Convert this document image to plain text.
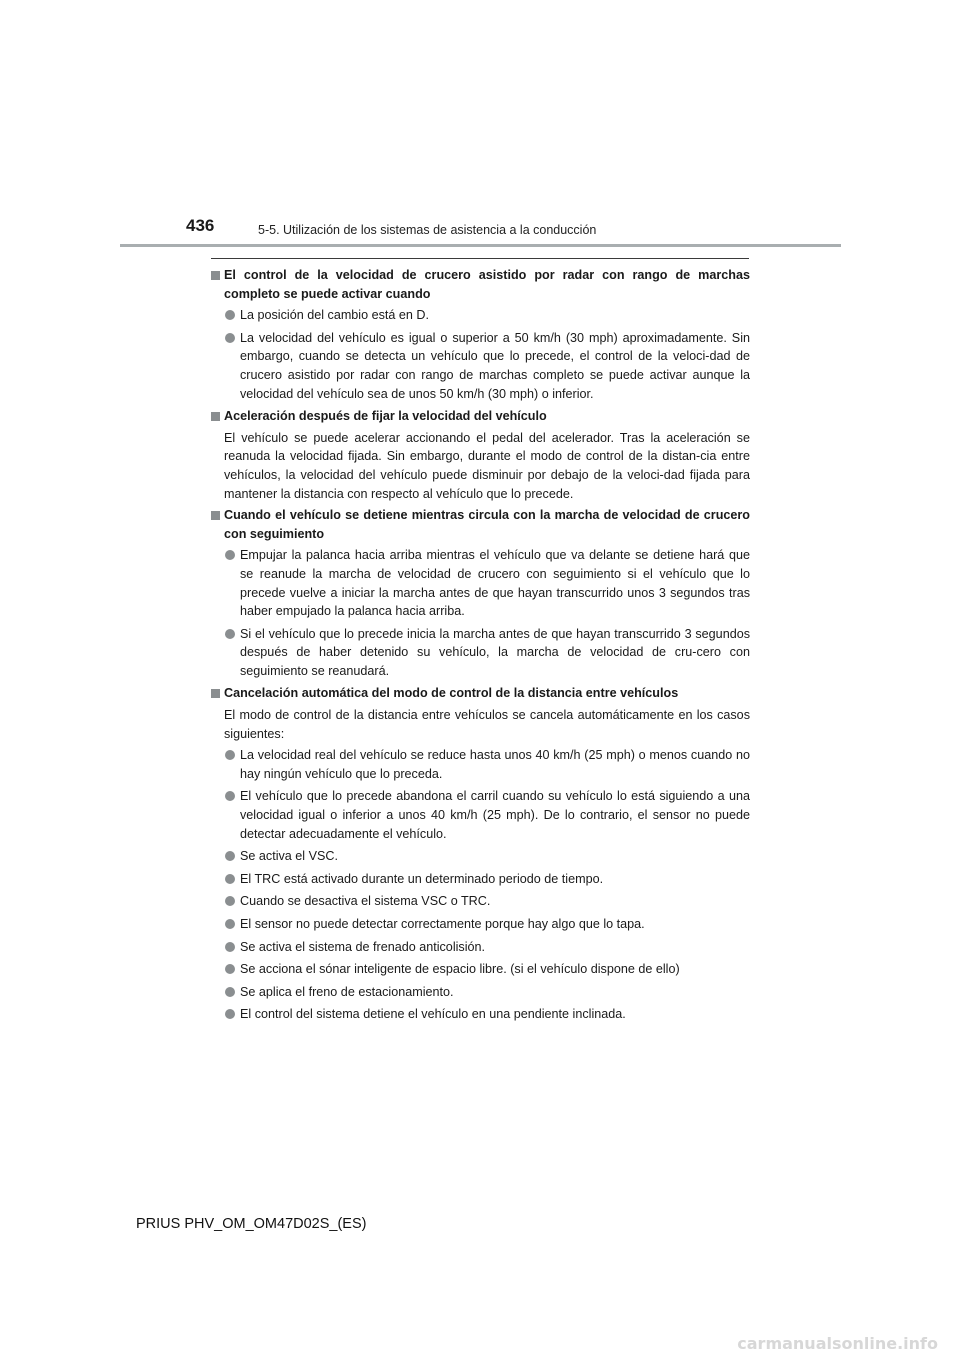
436	5-5. Utilización de los sistemas de asistencia a la conducción
El control de la velocidad de crucero asistido por radar con rango de marchas completo se puede activar cuando
La posición del cambio está en D.
La velocidad del vehículo es igual o superior a 50 km/h (30 mph) aproximadamente. Sin embargo, cuando se detecta un vehículo que lo precede, el control de la veloci-dad de crucero asistido por radar con rango de marchas completo se puede activar aunque la velocidad del vehículo sea de unos 50 km/h (30 mph) o inferior.
Aceleración después de fijar la velocidad del vehículo
El vehículo se puede acelerar accionando el pedal del acelerador. Tras la aceleración se reanuda la velocidad fijada. Sin embargo, durante el modo de control de la distan-cia entre vehículos, la velocidad del vehículo puede disminuir por debajo de la veloci-dad fijada para mantener la distancia con respecto al vehículo que lo precede.
Cuando el vehículo se detiene mientras circula con la marcha de velocidad de crucero con seguimiento
Empujar la palanca hacia arriba mientras el vehículo que va delante se detiene hará que se reanude la marcha de velocidad de crucero con seguimiento si el vehículo que lo precede vuelve a iniciar la marcha antes de que hayan transcurrido unos 3 segundos tras haber empujado la palanca hacia arriba.
Si el vehículo que lo precede inicia la marcha antes de que hayan transcurrido 3 segundos después de haber detenido su vehículo, la marcha de velocidad de cru-cero con seguimiento se reanudará.
Cancelación automática del modo de control de la distancia entre vehículos
El modo de control de la distancia entre vehículos se cancela automáticamente en los casos siguientes:
La velocidad real del vehículo se reduce hasta unos 40 km/h (25 mph) o menos cuando no hay ningún vehículo que lo preceda.
El vehículo que lo precede abandona el carril cuando su vehículo lo está siguiendo a una velocidad igual o inferior a unos 40 km/h (25 mph). De lo contrario, el sensor no puede detectar adecuadamente el vehículo.
Se activa el VSC.
El TRC está activado durante un determinado periodo de tiempo.
Cuando se desactiva el sistema VSC o TRC.
El sensor no puede detectar correctamente porque hay algo que lo tapa.
Se activa el sistema de frenado anticolisión.
Se acciona el sónar inteligente de espacio libre. (si el vehículo dispone de ello)
Se aplica el freno de estacionamiento.
El control del sistema detiene el vehículo en una pendiente inclinada.
PRIUS PHV_OM_OM47D02S_(ES)
carmanualsonline.info
